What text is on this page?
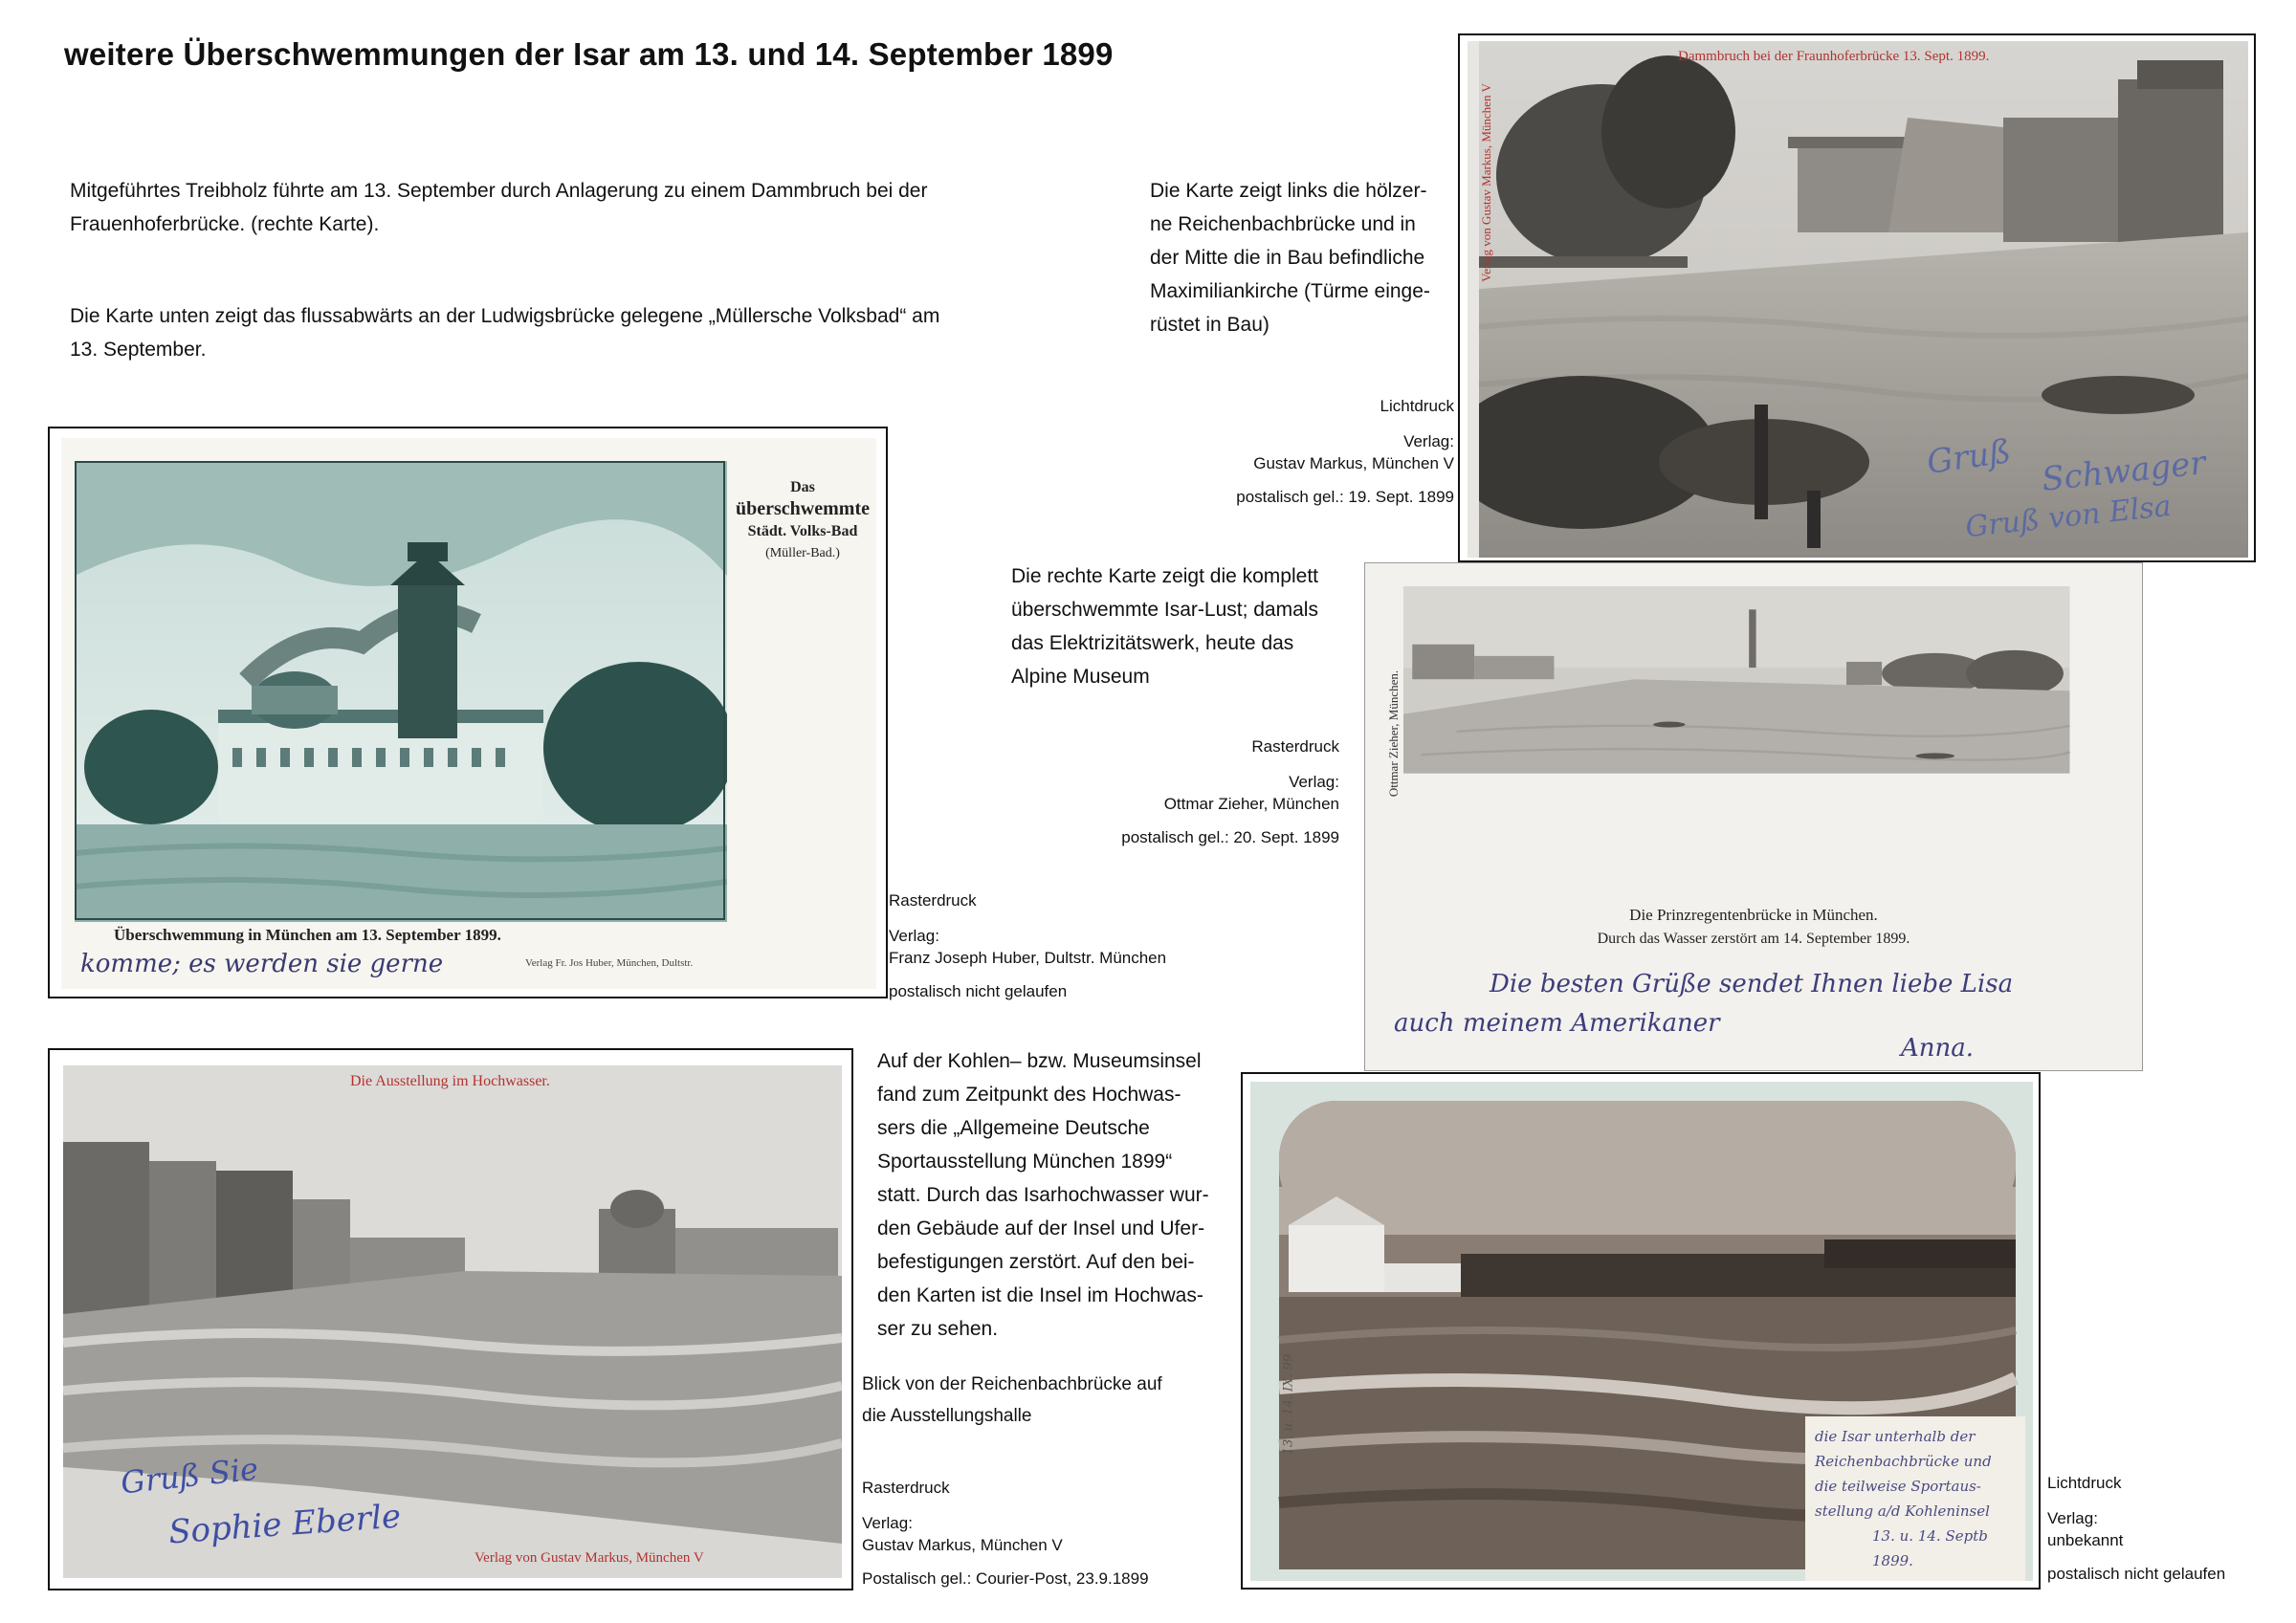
weitere Überschwemmungen der Isar am 13. und 14. September 1899
Mitgeführtes Treibholz führte am 13. September durch Anlagerung zu einem Dammbruch bei der
Frauenhoferbrücke. (rechte Karte).
Die Karte unten zeigt das flussabwärts an der Ludwigsbrücke gelegene „Müllersche Volksbad“ am
13. September.
Die Karte zeigt links die hölzer-
ne Reichenbachbrücke und in
der Mitte die in Bau befindliche
Maximiliankirche (Türme einge-
rüstet in Bau)
Lichtdruck
Verlag:
Gustav Markus, München V
postalisch gel.: 19. Sept. 1899
Dammbruch bei der Fraunhoferbrücke 13. Sept. 1899.
Verlag von Gustav Markus, München V
Gruß Schwager
Gruß von Elsa
Die rechte Karte zeigt die komplett
überschwemmte Isar-Lust; damals
das Elektrizitätswerk, heute das
Alpine Museum
Rasterdruck
Verlag:
Ottmar Zieher, München
postalisch gel.: 20. Sept. 1899
Ottmar Zieher, München.
Die Prinzregentenbrücke in München.
Durch das Wasser zerstört am 14. September 1899.
Die besten Grüße sendet Ihnen liebe Lisa
auch meinem Amerikaner
Anna.
Das
überschwemmte
Städt. Volks-Bad
(Müller-Bad.)
Überschwemmung in München am 13. September 1899.
komme; es werden sie gerne	Verlag Fr. Jos Huber, München, Dultstr.
Rasterdruck
Verlag:
Franz Joseph Huber, Dultstr. München
postalisch nicht gelaufen
Die Ausstellung im Hochwasser.
Verlag von Gustav Markus, München V
Gruß Sie
Sophie Eberle
Auf der Kohlen– bzw. Museumsinsel
fand zum Zeitpunkt des Hochwas-
sers die „Allgemeine Deutsche
Sportausstellung München 1899“
statt. Durch das Isarhochwasser wur-
den Gebäude auf der Insel und Ufer-
befestigungen zerstört. Auf den bei-
den Karten ist die Insel im Hochwas-
ser zu sehen.
Blick von der Reichenbachbrücke auf
die Ausstellungshalle
Rasterdruck
Verlag:
Gustav Markus, München V
Postalisch gel.: Courier-Post, 23.9.1899
13. u. 14. IX. 99	die Isar unterhalb der
Reichenbachbrücke und
die teilweise Sportaus-
stellung a/d Kohleninsel
13. u. 14. Septb 1899.
Lichtdruck
Verlag:
unbekannt
postalisch nicht gelaufen
